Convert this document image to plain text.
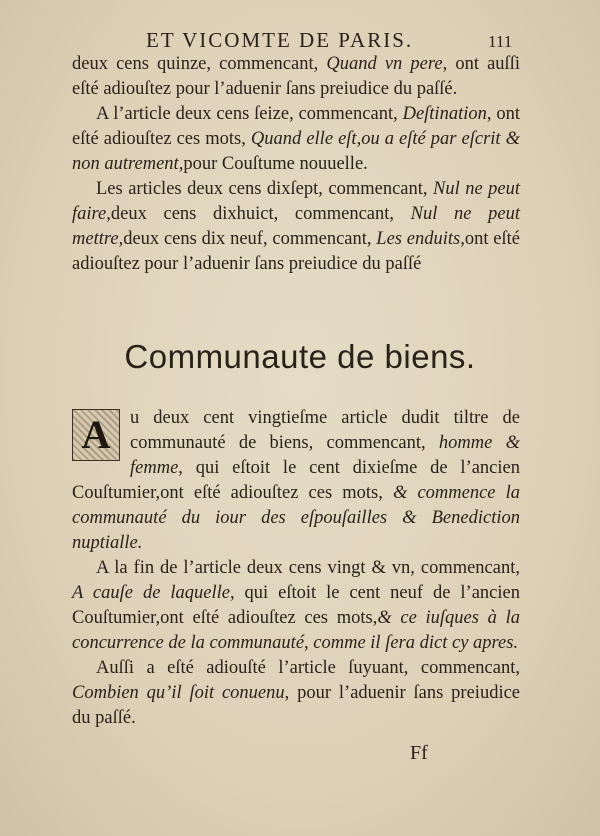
ET VICOMTE DE PARIS.	111

deux cens quinze, commencant, Quand vn pere, ont auſſi eſté adiouſtez pour l’aduenir ſans preiudice du paſſé.

A l’article deux cens ſeize, commencant, Deſtination, ont eſté adiouſtez ces mots, Quand elle eſt,ou a eſté par eſcrit & non autrement,pour Couſtume nouuelle.

Les articles deux cens dixſept, commencant, Nul ne peut faire,deux cens dixhuict, commencant, Nul ne peut mettre,deux cens dix neuf, commencant, Les enduits,ont eſté adiouſtez pour l’aduenir ſans preiudice du paſſé

Communaute de biens.

A	u deux cent vingtieſme article dudit tiltre de communauté de biens, commencant, homme & femme, qui eſtoit le cent dixieſme de l’ancien Couſtumier,ont eſté adiouſtez ces mots, & commence la communauté du iour des eſpouſailles & Benediction nuptialle.

A la fin de l’article deux cens vingt & vn, commencant, A cauſe de laquelle, qui eſtoit le cent neuf de l’ancien Couſtumier,ont eſté adiouſtez ces mots,& ce iuſques à la concurrence de la communauté, comme il ſera dict cy apres.

Auſſi a eſté adiouſté l’article ſuyuant, commencant, Combien qu’il ſoit conuenu, pour l’aduenir ſans preiudice du paſſé.

Ff
